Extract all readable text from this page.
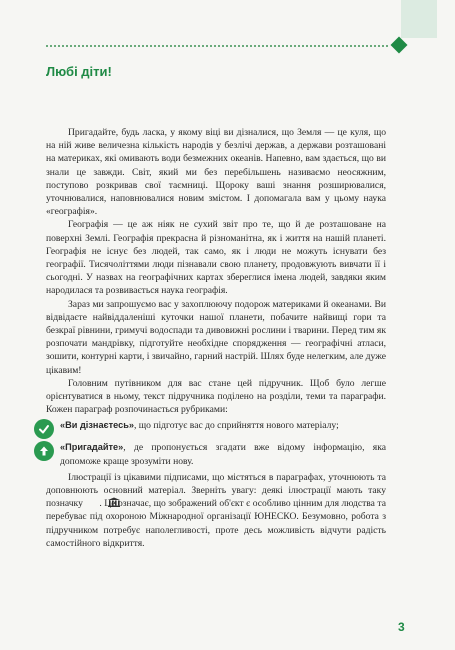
Любі діти!

Пригадайте, будь ласка, у якому віці ви дізналися, що Земля — це куля, що на ній живе величезна кількість народів у безлічі держав, а держави розташовані на материках, які омивають води безмежних океанів. Напевно, вам здається, що ви знали це завжди. Світ, який ми без перебільшень називаємо неосяжним, поступово розкривав свої таємниці. Щороку ваші знання розширювалися, уточнювалися, наповнювалися новим змістом. І допомагала вам у цьому наука «географія».

Географія — це аж ніяк не сухий звіт про те, що й де розташоване на поверхні Землі. Географія прекрасна й різноманітна, як і життя на нашій планеті. Географія не існує без людей, так само, як і люди не можуть існувати без географії. Тисячоліттями люди пізнавали свою планету, продовжують вивчати її і сьогодні. У назвах на географічних картах збереглися імена людей, завдяки яким народилася та розвивається наука географія.

Зараз ми запрошуємо вас у захоплюючу подорож материками й океанами. Ви відвідаєте найвіддаленіші куточки нашої планети, побачите найвищі гори та безкраї рівнини, гримучі водоспади та дивовижні рослини і тварини. Перед тим як розпочати мандрівку, підготуйте необхідне спорядження — географічні атласи, зошити, контурні карти, і звичайно, гарний настрій. Шлях буде нелегким, але дуже цікавим!

Головним путівником для вас стане цей підручник. Щоб було легше орієнтуватися в ньому, текст підручника поділено на розділи, теми та параграфи. Кожен параграф розпочинається рубриками:

«Ви дізнаєтесь», що підготує вас до сприйняття нового матеріалу;
«Пригадайте», де пропонується згадати вже відому інформацію, яка допоможе краще зрозуміти нову.

Ілюстрації із цікавими підписами, що містяться в параграфах, уточнюють та доповнюють основний матеріал. Зверніть увагу: деякі ілюстрації мають таку позначку . Це означає, що зображений об'єкт є особливо цінним для людства та перебуває під охороною Міжнародної організації ЮНЕСКО. Безумовно, робота з підручником потребує наполегливості, проте десь можливість відчути радість самостійного відкриття.

3
